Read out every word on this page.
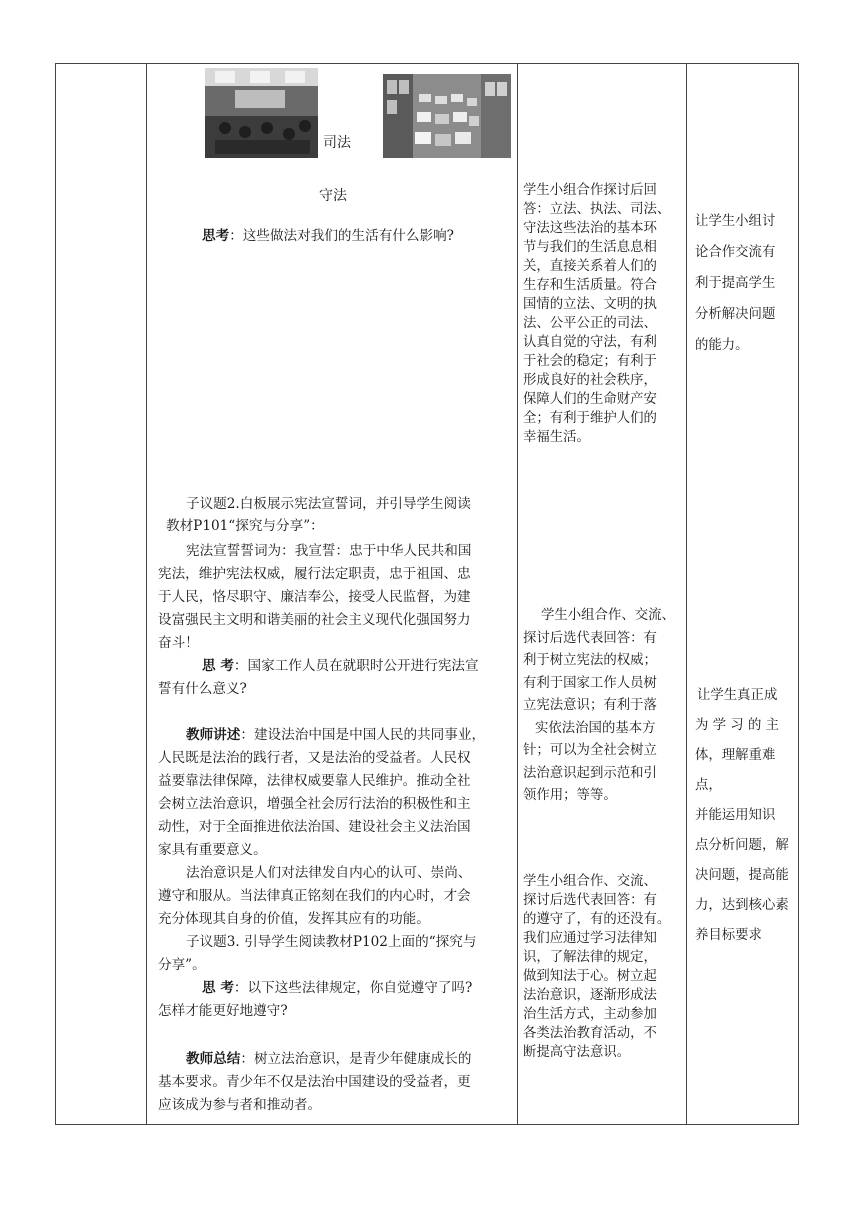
司法
守法
思考：这些做法对我们的生活有什么影响?
子议题2.白板展示宪法宣誓词，并引导学生阅读
教材P101“探究与分享”：
宪法宣誓誓词为：我宣誓：忠于中华人民共和国
宪法，维护宪法权威，履行法定职责，忠于祖国、忠
于人民，恪尽职守、廉洁奉公，接受人民监督，为建
设富强民主文明和谐美丽的社会主义现代化强国努力
奋斗！
思 考：国家工作人员在就职时公开进行宪法宣
誓有什么意义?
教师讲述：建设法治中国是中国人民的共同事业，
人民既是法治的践行者，又是法治的受益者。人民权
益要靠法律保障，法律权威要靠人民维护。推动全社
会树立法治意识，增强全社会厉行法治的积极性和主
动性，对于全面推进依法治国、建设社会主义法治国
家具有重要意义。
法治意识是人们对法律发自内心的认可、崇尚、
遵守和服从。当法律真正铭刻在我们的内心时，才会
充分体现其自身的价值，发挥其应有的功能。
子议题3. 引导学生阅读教材P102上面的“探究与
分享”。
思 考：以下这些法律规定，你自觉遵守了吗?
怎样才能更好地遵守?
教师总结：树立法治意识，是青少年健康成长的
基本要求。青少年不仅是法治中国建设的受益者，更
应该成为参与者和推动者。
学生小组合作探讨后回
答：立法、执法、司法、
守法这些法治的基本环
节与我们的生活息息相
关，直接关系着人们的
生存和生活质量。符合
国情的立法、文明的执
法、公平公正的司法、
认真自觉的守法，有利
于社会的稳定；有利于
形成良好的社会秩序，
保障人们的生命财产安
全；有利于维护人们的
幸福生活。
学生小组合作、交流、
探讨后选代表回答：有
利于树立宪法的权威；
有利于国家工作人员树
立宪法意识；有利于落
实依法治国的基本方
针；可以为全社会树立
法治意识起到示范和引
领作用；等等。
学生小组合作、交流、
探讨后选代表回答：有
的遵守了，有的还没有。
我们应通过学习法律知
识，了解法律的规定，
做到知法于心。树立起
法治意识，逐渐形成法
治生活方式，主动参加
各类法治教育活动，不
断提高守法意识。
让学生小组讨
论合作交流有
利于提高学生
分析解决问题
的能力。
让学生真正成
为 学 习 的 主
体，理解重难点，
并能运用知识
点分析问题，解
决问题，提高能
力，达到核心素
养目标要求
